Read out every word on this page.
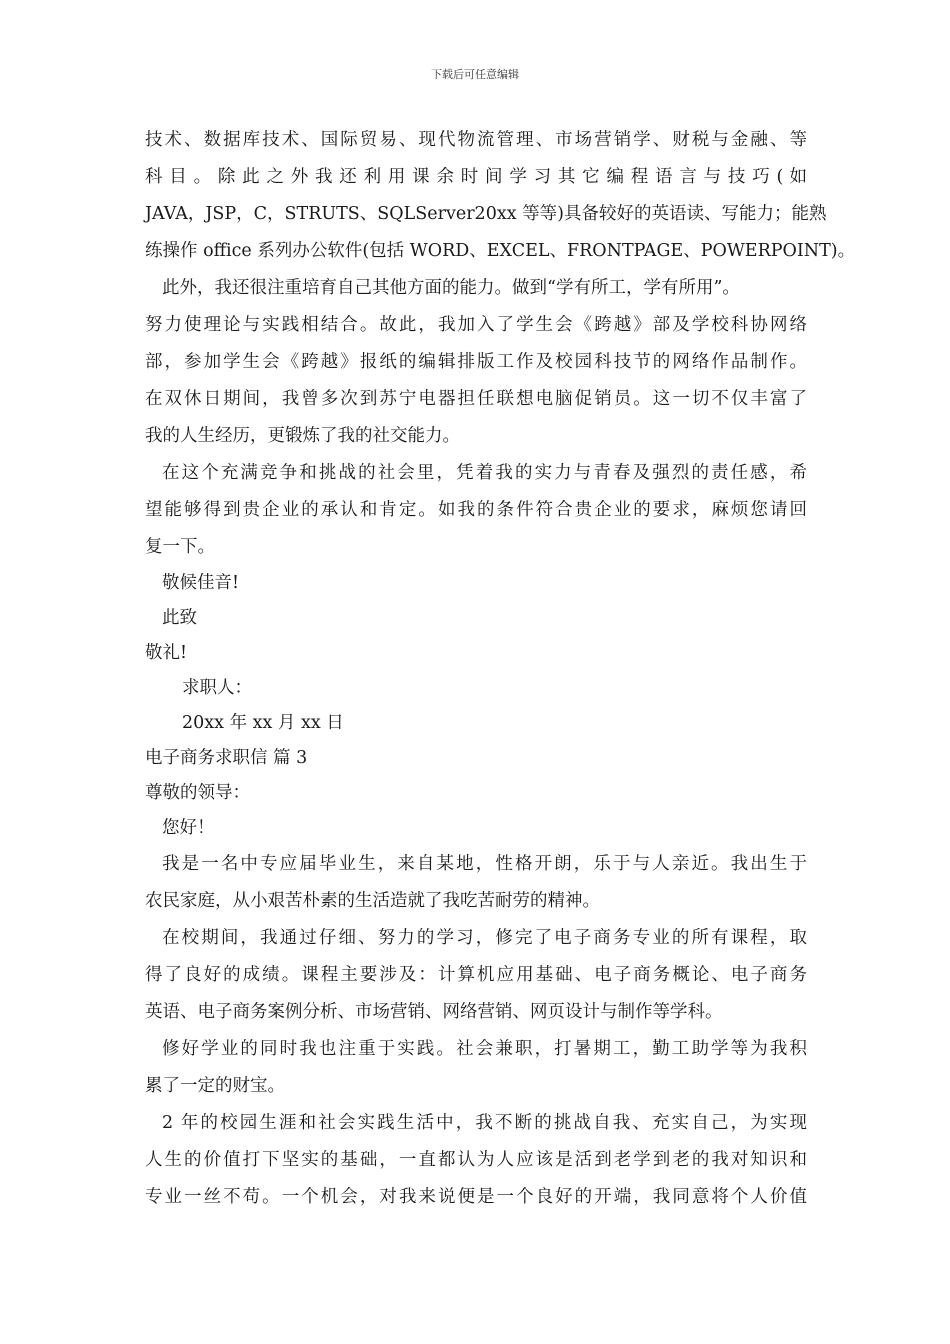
下载后可任意编辑
技术、数据库技术、国际贸易、现代物流管理、市场营销学、财税与金融、等
科 目 。 除 此 之 外 我 还 利 用 课 余 时 间 学 习 其 它 编 程 语 言 与 技 巧 ( 如
JAVA，JSP，C，STRUTS、SQLServer20xx 等等)具备较好的英语读、写能力；能熟
练操作 office 系列办公软件(包括 WORD、EXCEL、FRONTPAGE、POWERPOINT)。
此外，我还很注重培育自己其他方面的能力。做到“学有所工，学有所用”。
努力使理论与实践相结合。故此，我加入了学生会《跨越》部及学校科协网络
部，参加学生会《跨越》报纸的编辑排版工作及校园科技节的网络作品制作。
在双休日期间，我曾多次到苏宁电器担任联想电脑促销员。这一切不仅丰富了
我的人生经历，更锻炼了我的社交能力。
在这个充满竞争和挑战的社会里，凭着我的实力与青春及强烈的责任感，希
望能够得到贵企业的承认和肯定。如我的条件符合贵企业的要求，麻烦您请回
复一下。
敬候佳音!
此致
敬礼!
求职人：
20xx 年 xx 月 xx 日
电子商务求职信 篇 3
尊敬的领导：
您好！
我是一名中专应届毕业生，来自某地，性格开朗，乐于与人亲近。我出生于
农民家庭，从小艰苦朴素的生活造就了我吃苦耐劳的精神。
在校期间，我通过仔细、努力的学习，修完了电子商务专业的所有课程，取
得了良好的成绩。课程主要涉及：计算机应用基础、电子商务概论、电子商务
英语、电子商务案例分析、市场营销、网络营销、网页设计与制作等学科。
修好学业的同时我也注重于实践。社会兼职，打暑期工，勤工助学等为我积
累了一定的财宝。
2 年的校园生涯和社会实践生活中，我不断的挑战自我、充实自己，为实现
人生的价值打下坚实的基础，一直都认为人应该是活到老学到老的我对知识和
专业一丝不苟。一个机会，对我来说便是一个良好的开端，我同意将个人价值
